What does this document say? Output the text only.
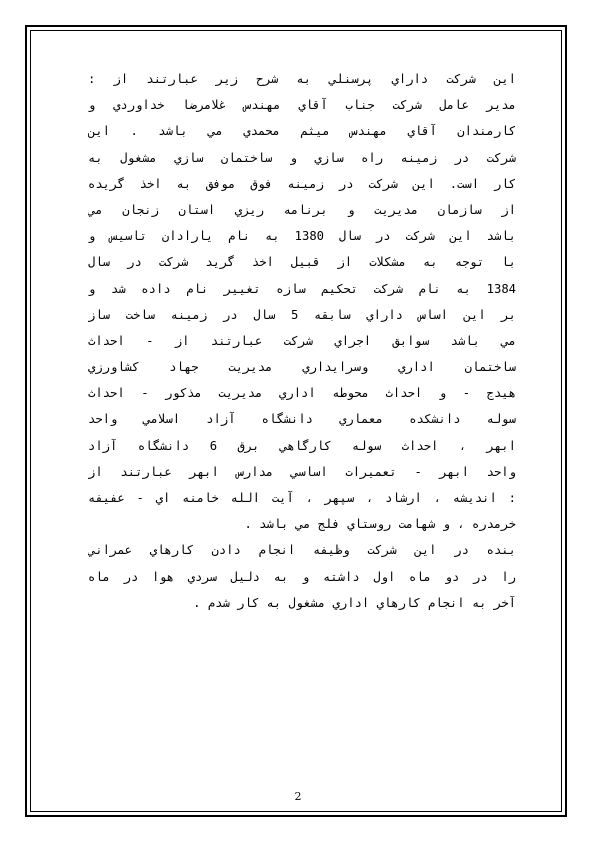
اين شركت داراي پرسنلي به شرح زير عبارتند از :
مدير عامل شركت جناب آقاي مهندس غلامرضا خداوردي و
كارمندان آقاي مهندس ميثم محمدي مي باشد . اين
شركت در زمينه راه سازي و ساختمان سازي مشغول به
كار است. اين شركت در زمينه فوق موفق به اخذ گريده
از سازمان مديريت و برنامه ريزي استان زنجان مي
باشد اين شركت در سال 1380 به نام يارادان تاسيس و
با توجه به مشكلات از قبيل اخذ گريد شركت در سال
1384 به نام شركت تحكيم سازه تغيير نام داده شد و
بر اين اساس داراي سابقه 5 سال در زمينه ساخت ساز
مي باشد سوابق اجراي شركت عبارتند از - احداث
ساختمان اداري وسرايداري مديريت جهاد كشاورزي
هيدج - و احداث محوطه اداري مديريت مذكور - احداث
سوله دانشكده معماري دانشگاه آزاد اسلامي واحد
ابهر ، احداث سوله كارگاهي برق 6 دانشگاه آزاد
واحد ابهر - تعميرات اساسي مدارس ابهر عبارتند از
: انديشه ، ارشاد ، سپهر ، آيت الله خامنه اي - عفيفه
خرمدره ، و شهامت روستاي فلج مي باشد .
بنده در اين شركت وظيفه انجام دادن كارهاي عمراني
را در دو ماه اول داشته و به دليل سردي هوا در ماه
آخر به انجام كارهاي اداري مشغول به كار شدم .
2
